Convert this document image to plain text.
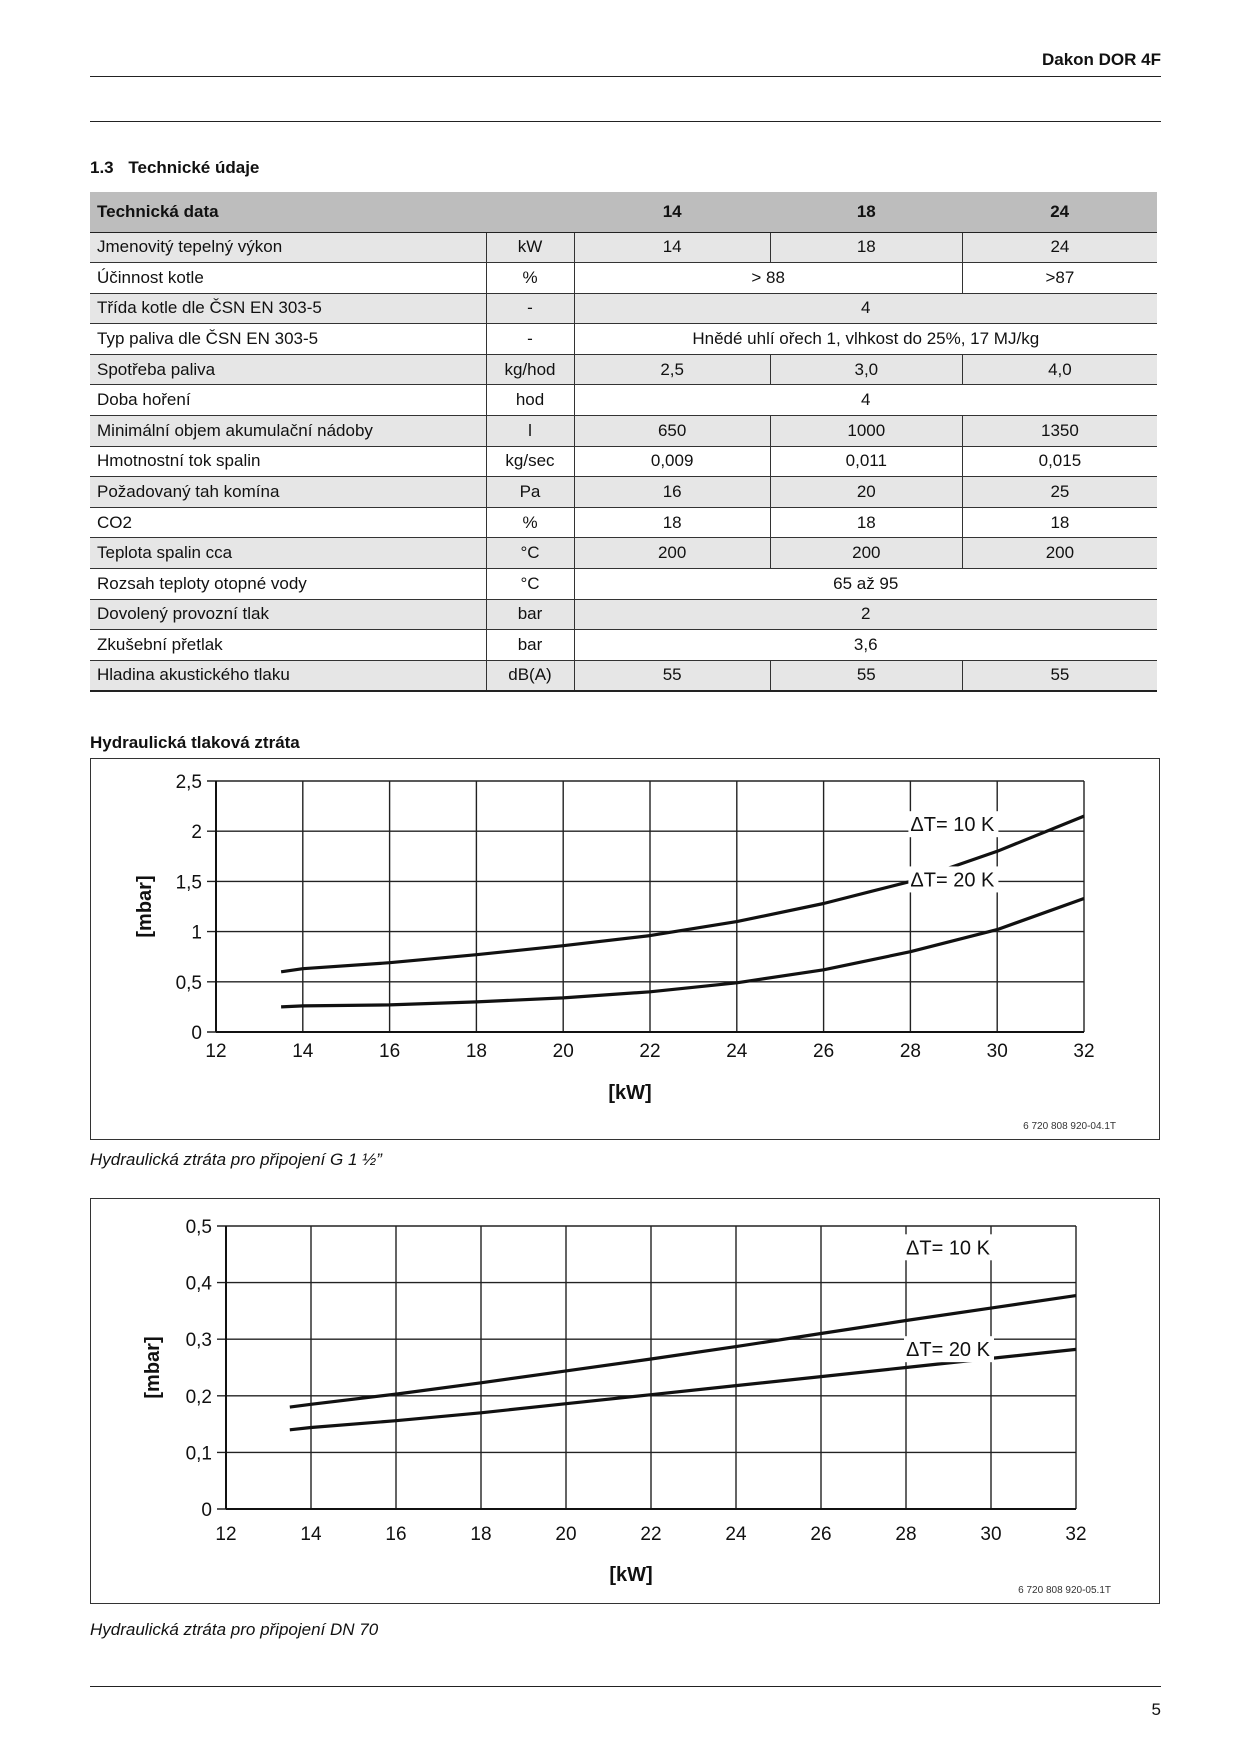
Dakon DOR 4F
1.3 Technické údaje
Technická data		14	18	24
Jmenovitý tepelný výkon	kW	14	18	24
Účinnost kotle	%	> 88		>87
Třída kotle dle ČSN EN 303-5	-	4		
Typ paliva dle ČSN EN 303-5	-	Hnědé uhlí ořech 1, vlhkost do 25%, 17 MJ/kg		
Spotřeba paliva	kg/hod	2,5	3,0	4,0
Doba hoření	hod	4		
Minimální objem akumulační nádoby	l	650	1000	1350
Hmotnostní tok spalin	kg/sec	0,009	0,011	0,015
Požadovaný tah komína	Pa	16	20	25
CO2	%	18	18	18
Teplota spalin cca	°C	200	200	200
Rozsah teploty otopné vody	°C	65 až 95		
Dovolený provozní tlak	bar	2		
Zkušební přetlak	bar	3,6		
Hladina akustického tlaku	dB(A)	55	55	55
Hydraulická tlaková ztráta
12	14	16	18	20	22	24	26	28	30	32
0
0,5
1
1,5
2
2,5
ΔT= 10 K
ΔT= 20 K
[kW]
[mbar]
6 720 808 920-04.1T
Hydraulická ztráta pro připojení G 1 ½”
12	14	16	18	20	22	24	26	28	30	32
0
0,1
0,2
0,3
0,4
0,5
ΔT= 10 K
ΔT= 20 K
[kW]
[mbar]
6 720 808 920-05.1T
Hydraulická ztráta pro připojení DN 70
5
